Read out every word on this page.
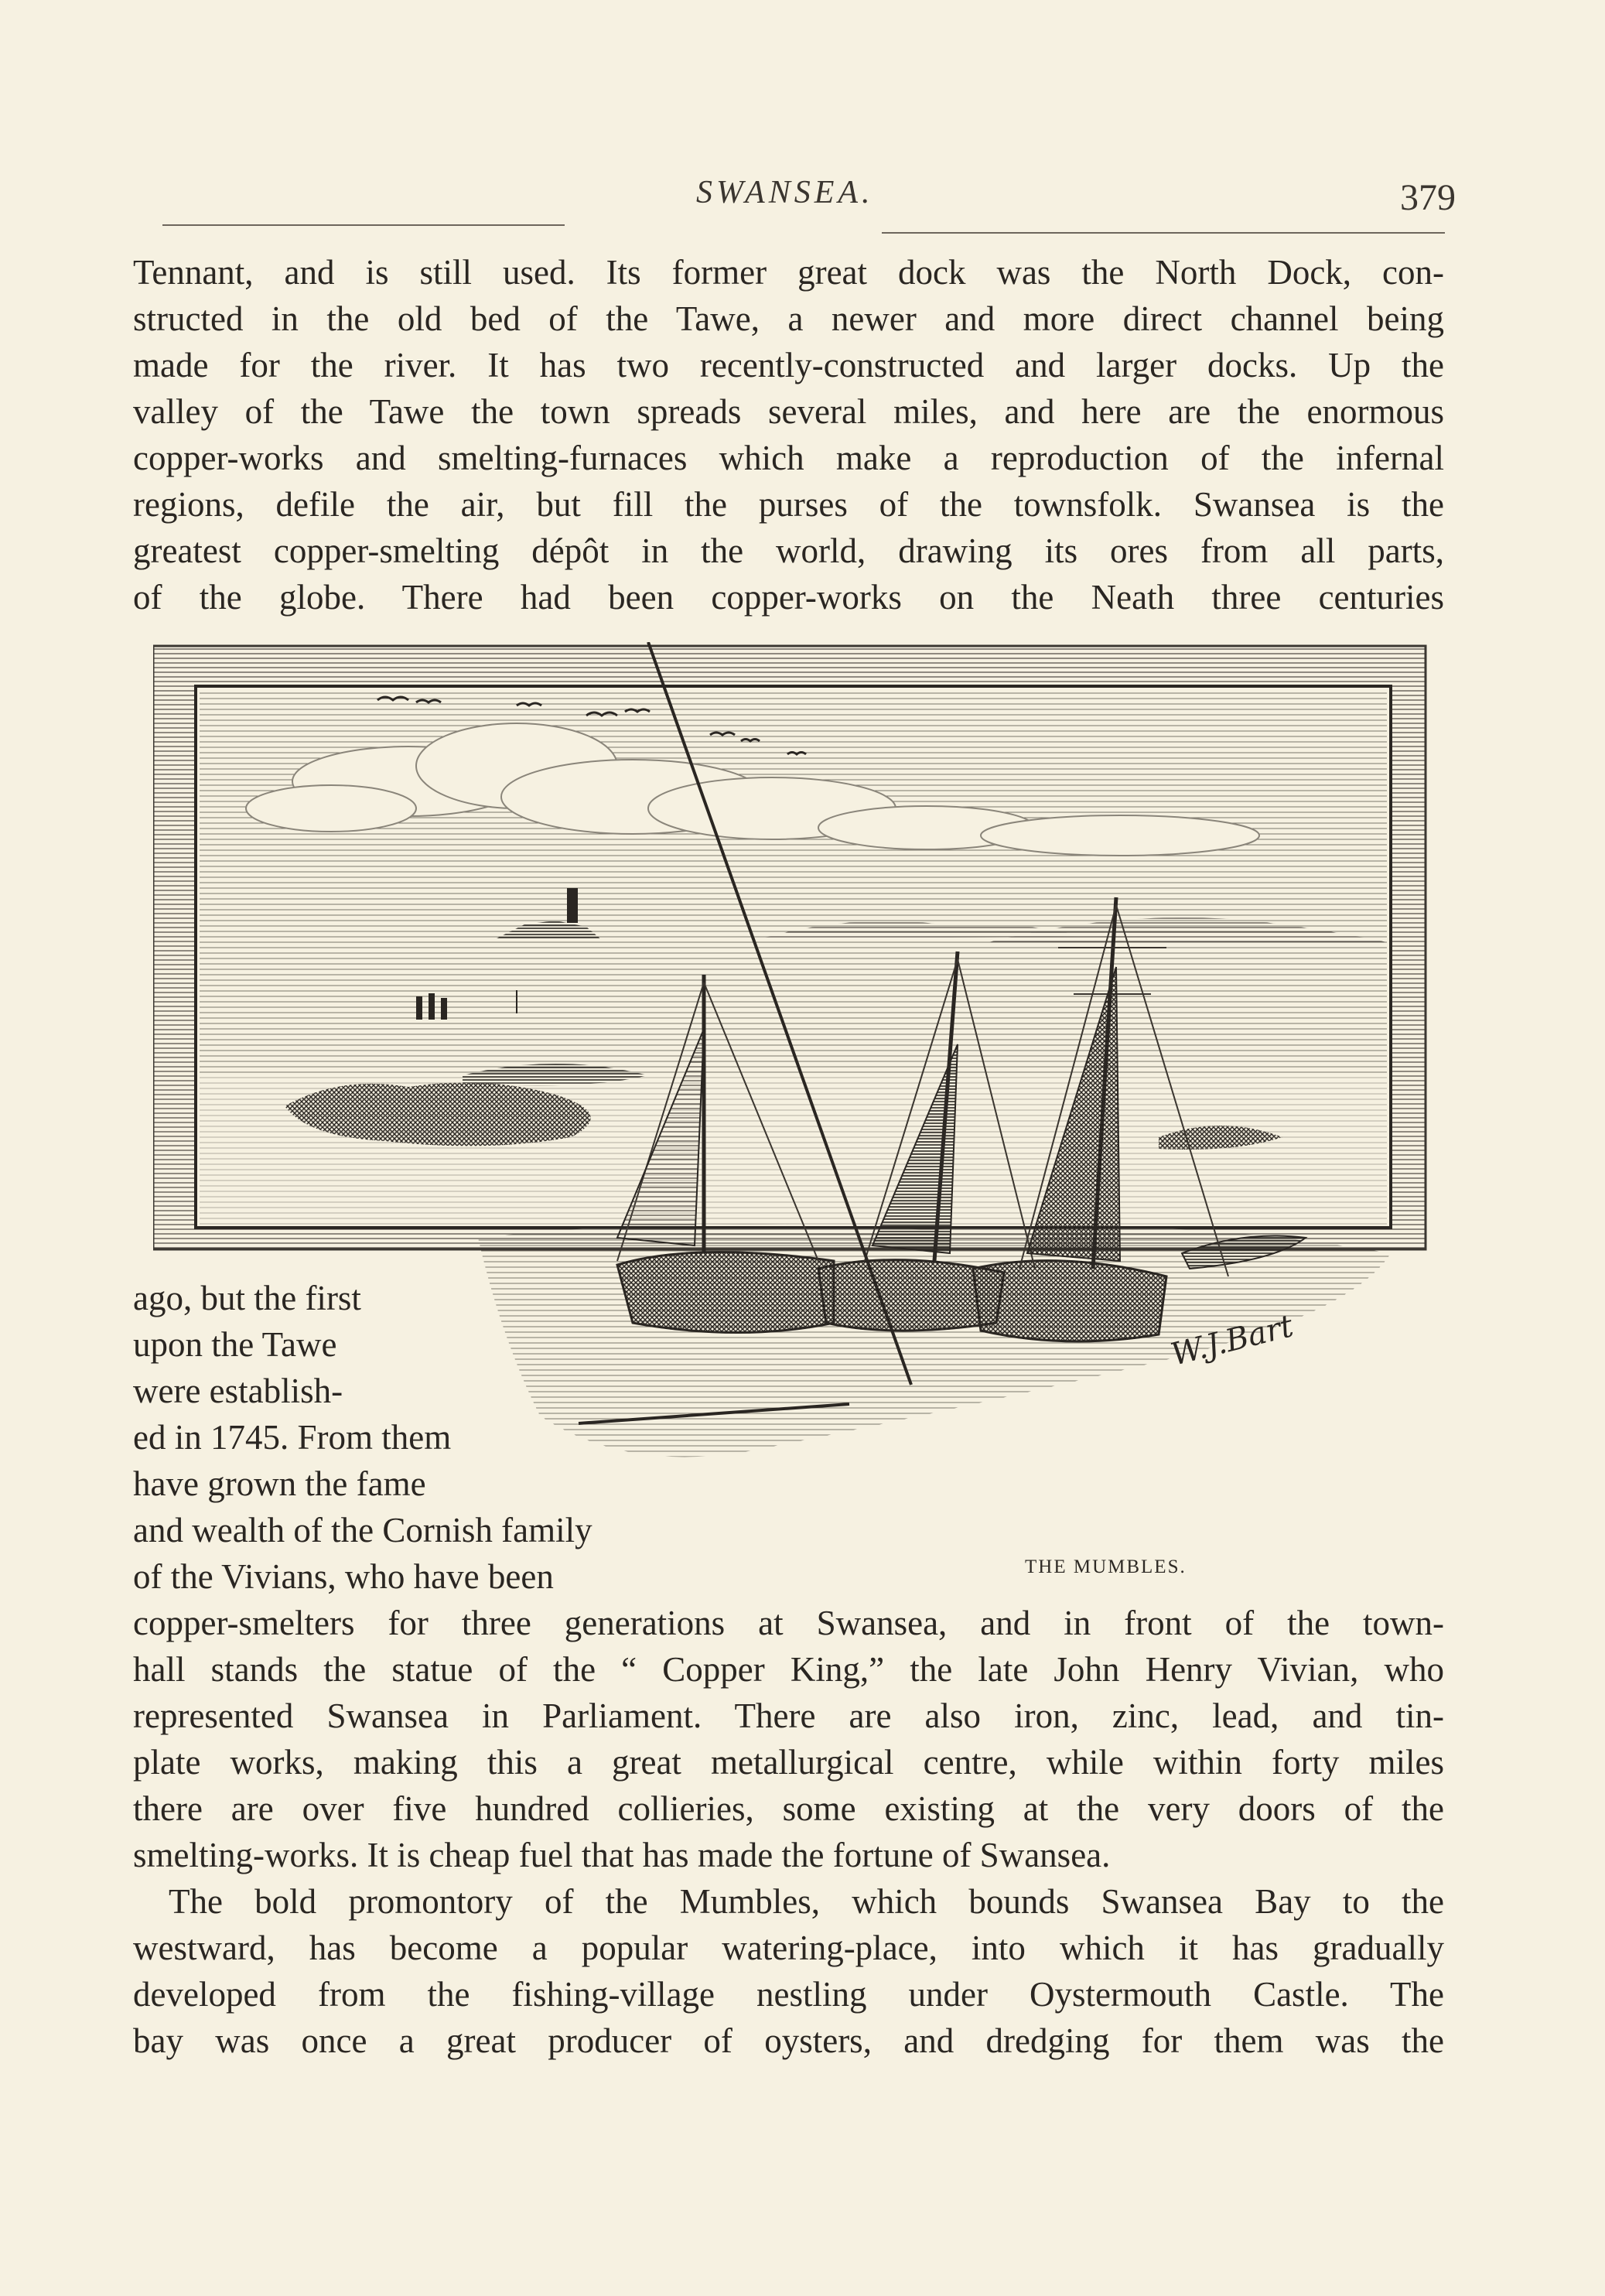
SWANSEA.	379

Tennant, and is still used. Its former great dock was the North Dock, con-

structed in the old bed of the Tawe, a newer and more direct channel being

made for the river. It has two recently-constructed and larger docks. Up the

valley of the Tawe the town spreads several miles, and here are the enormous

copper-works and smelting-furnaces which make a reproduction of the infernal

regions, defile the air, but fill the purses of the townsfolk. Swansea is the

greatest copper-smelting dépôt in the world, drawing its ores from all parts,

of the globe. There had been copper-works on the Neath three centuries

W.J.Bart

ago, but the first

upon the Tawe

were establish-

ed in 1745. From them

have grown the fame

and wealth of the Cornish family

of the Vivians, who have been	THE MUMBLES.

copper-smelters for three generations at Swansea, and in front of the town-

hall stands the statue of the “ Copper King,” the late John Henry Vivian, who

represented Swansea in Parliament. There are also iron, zinc, lead, and tin-

plate works, making this a great metallurgical centre, while within forty miles

there are over five hundred collieries, some existing at the very doors of the

smelting-works. It is cheap fuel that has made the fortune of Swansea.

The bold promontory of the Mumbles, which bounds Swansea Bay to the

westward, has become a popular watering-place, into which it has gradually

developed from the fishing-village nestling under Oystermouth Castle. The

bay was once a great producer of oysters, and dredging for them was the
